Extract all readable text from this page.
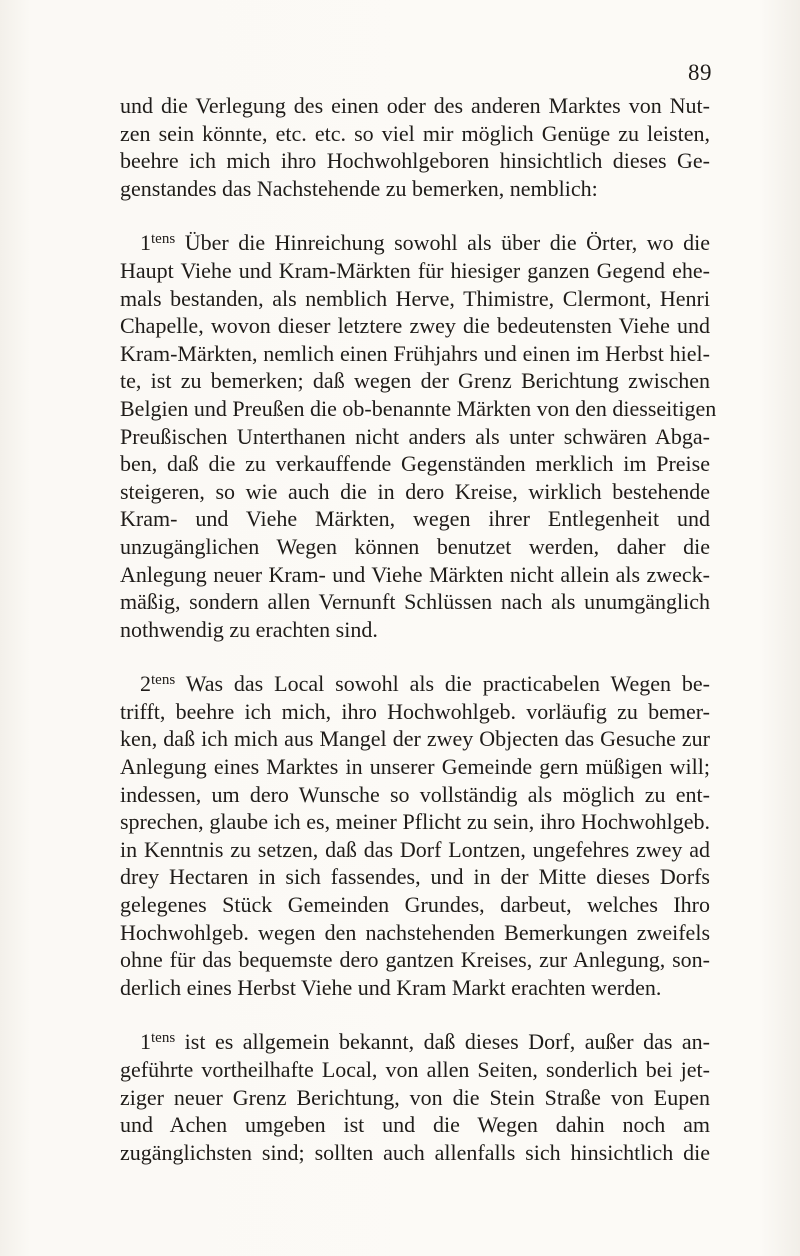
89

und die Verlegung des einen oder des anderen Marktes von Nut-
zen sein könnte, etc. etc. so viel mir möglich Genüge zu leisten,
beehre ich mich ihro Hochwohlgeboren hinsichtlich dieses Ge-
genstandes das Nachstehende zu bemerken, nemblich:

$1^{tens}$ Über die Hinreichung sowohl als über die Örter, wo die
Haupt Viehe und Kram-Märkten für hiesiger ganzen Gegend ehe-
mals bestanden, als nemblich Herve, Thimistre, Clermont, Henri
Chapelle, wovon dieser letztere zwey die bedeutensten Viehe und
Kram-Märkten, nemlich einen Frühjahrs und einen im Herbst hiel-
te, ist zu bemerken; daß wegen der Grenz Berichtung zwischen
Belgien und Preußen die ob-benannte Märkten von den diesseitigen
Preußischen Unterthanen nicht anders als unter schwären Abga-
ben, daß die zu verkauffende Gegenständen merklich im Preise
steigeren, so wie auch die in dero Kreise, wirklich bestehende
Kram- und Viehe Märkten, wegen ihrer Entlegenheit und
unzugänglichen Wegen können benutzet werden, daher die
Anlegung neuer Kram- und Viehe Märkten nicht allein als zweck-
mäßig, sondern allen Vernunft Schlüssen nach als unumgänglich
nothwendig zu erachten sind.

$2^{tens}$ Was das Local sowohl als die practicabelen Wegen be-
trifft, beehre ich mich, ihro Hochwohlgeb. vorläufig zu bemer-
ken, daß ich mich aus Mangel der zwey Objecten das Gesuche zur
Anlegung eines Marktes in unserer Gemeinde gern müßigen will;
indessen, um dero Wunsche so vollständig als möglich zu ent-
sprechen, glaube ich es, meiner Pflicht zu sein, ihro Hochwohlgeb.
in Kenntnis zu setzen, daß das Dorf Lontzen, ungefehres zwey ad
drey Hectaren in sich fassendes, und in der Mitte dieses Dorfs
gelegenes Stück Gemeinden Grundes, darbeut, welches Ihro
Hochwohlgeb. wegen den nachstehenden Bemerkungen zweifels
ohne für das bequemste dero gantzen Kreises, zur Anlegung, son-
derlich eines Herbst Viehe und Kram Markt erachten werden.

$1^{tens}$ ist es allgemein bekannt, daß dieses Dorf, außer das an-
geführte vortheilhafte Local, von allen Seiten, sonderlich bei jet-
ziger neuer Grenz Berichtung, von die Stein Straße von Eupen
und Achen umgeben ist und die Wegen dahin noch am
zugänglichsten sind; sollten auch allenfalls sich hinsichtlich die
